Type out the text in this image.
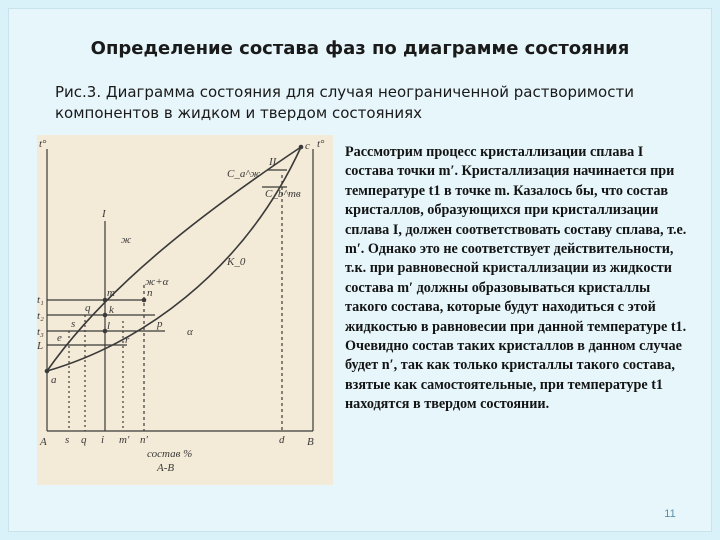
Определение состава фаз по диаграмме состояния
Рис.3. Диаграмма состояния для случая неограниченной растворимости компонентов в жидком и твердом состояниях
t°	t°
A	B
a
c
t₁
t₂
t₃
L
I
ж
ж+α
α
m	n
q k
l	p
s
r
e
II
s q i m′ n′	d
состав %
A-B
C_a^ж
C_b^тв
K_0
Рассмотрим процесс кристаллизации сплава I состава точки m′. Кристаллизация начинается при температуре t1 в точке m. Казалось бы, что состав кристаллов, образующихся при кристаллизации сплава I, должен соответствовать составу сплава, т.е. m′. Однако это не соответствует действительности, т.к. при равновесной кристаллизации из жидкости состава m′ должны образовываться кристаллы такого состава, которые будут находиться с этой жидкостью в равновесии при данной температуре t1. Очевидно состав таких кристаллов в данном случае будет n′, так как только кристаллы такого состава, взятые как самостоятельные, при температуре t1 находятся в твердом состоянии.
11
